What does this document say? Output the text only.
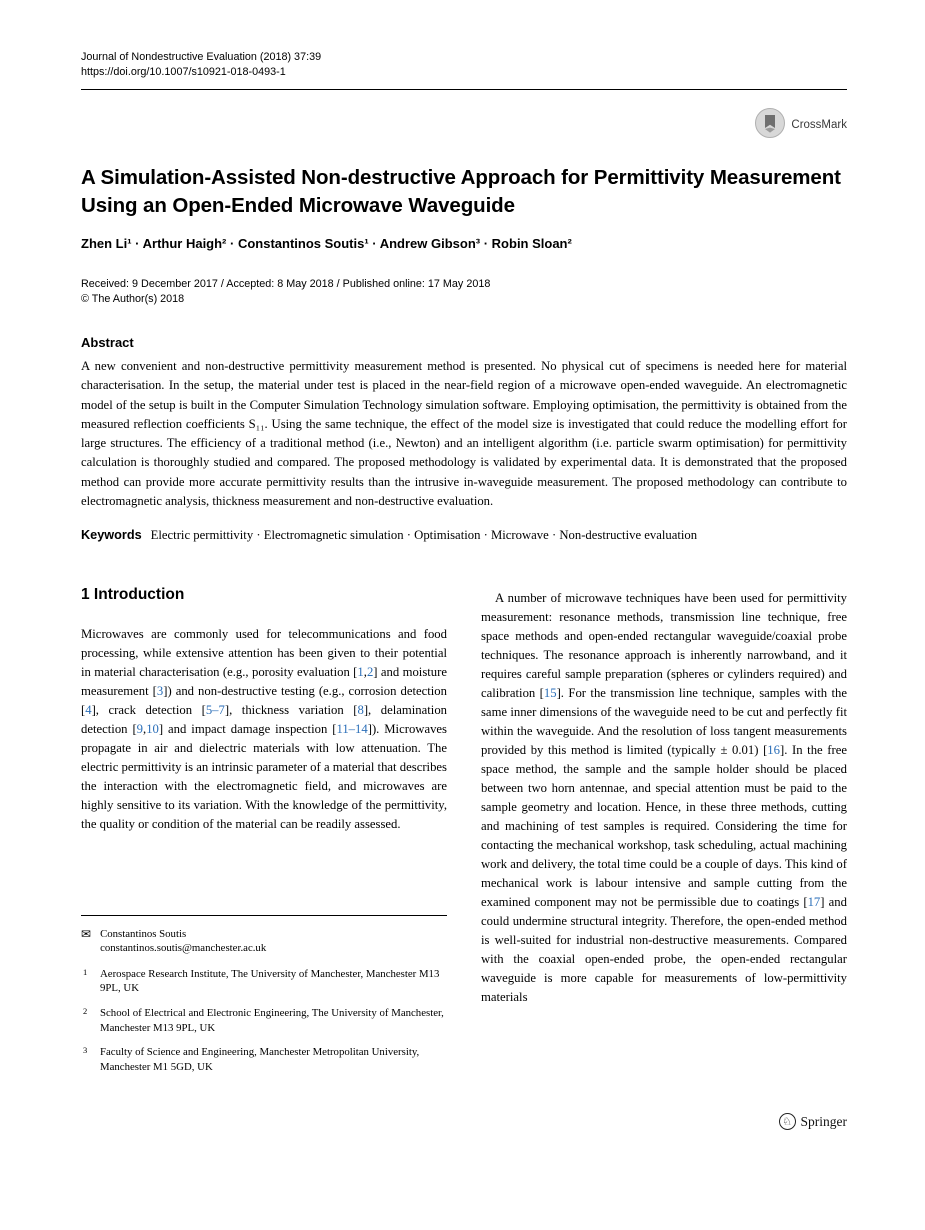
Journal of Nondestructive Evaluation (2018) 37:39
https://doi.org/10.1007/s10921-018-0493-1
CrossMark
A Simulation-Assisted Non-destructive Approach for Permittivity Measurement Using an Open-Ended Microwave Waveguide
Zhen Li¹ · Arthur Haigh² · Constantinos Soutis¹ · Andrew Gibson³ · Robin Sloan²
Received: 9 December 2017 / Accepted: 8 May 2018 / Published online: 17 May 2018
© The Author(s) 2018
Abstract

A new convenient and non-destructive permittivity measurement method is presented. No physical cut of specimens is needed here for material characterisation. In the setup, the material under test is placed in the near-field region of a microwave open-ended waveguide. An electromagnetic model of the setup is built in the Computer Simulation Technology simulation software. Employing optimisation, the permittivity is obtained from the measured reflection coefficients S₁₁. Using the same technique, the effect of the model size is investigated that could reduce the modelling effort for large structures. The efficiency of a traditional method (i.e., Newton) and an intelligent algorithm (i.e. particle swarm optimisation) for permittivity calculation is thoroughly studied and compared. The proposed methodology is validated by experimental data. It is demonstrated that the proposed method can provide more accurate permittivity results than the intrusive in-waveguide measurement. The proposed methodology can contribute to electromagnetic analysis, thickness measurement and non-destructive evaluation.

Keywords Electric permittivity · Electromagnetic simulation · Optimisation · Microwave · Non-destructive evaluation
1 Introduction

Microwaves are commonly used for telecommunications and food processing, while extensive attention has been given to their potential in material characterisation (e.g., porosity evaluation [1,2] and moisture measurement [3]) and non-destructive testing (e.g., corrosion detection [4], crack detection [5–7], thickness variation [8], delamination detection [9,10] and impact damage inspection [11–14]). Microwaves propagate in air and dielectric materials with low attenuation. The electric permittivity is an intrinsic parameter of a material that describes the interaction with the electromagnetic field, and microwaves are highly sensitive to its variation. With the knowledge of the permittivity, the quality or condition of the material can be readily assessed.

✉ Constantinos Soutis
constantinos.soutis@manchester.ac.uk
1	Aerospace Research Institute, The University of Manchester, Manchester M13 9PL, UK
2	School of Electrical and Electronic Engineering, The University of Manchester, Manchester M13 9PL, UK
3	Faculty of Science and Engineering, Manchester Metropolitan University, Manchester M1 5GD, UK

A number of microwave techniques have been used for permittivity measurement: resonance methods, transmission line technique, free space methods and open-ended rectangular waveguide/coaxial probe techniques. The resonance approach is inherently narrowband, and it requires careful sample preparation (spheres or cylinders required) and calibration [15]. For the transmission line technique, samples with the same inner dimensions of the waveguide need to be cut and perfectly fit within the waveguide. And the resolution of loss tangent measurements provided by this method is limited (typically ± 0.01) [16]. In the free space method, the sample and the sample holder should be placed between two horn antennae, and special attention must be paid to the sample geometry and location. Hence, in these three methods, cutting and machining of test samples is required. Considering the time for contacting the mechanical workshop, task scheduling, actual machining work and delivery, the total time could be a couple of days. This kind of mechanical work is labour intensive and sample cutting from the examined component may not be permissible due to coatings [17] and could undermine structural integrity. Therefore, the open-ended method is well-suited for industrial non-destructive measurements. Compared with the coaxial open-ended probe, the open-ended rectangular waveguide is more capable for measurements of low-permittivity materials

♘ Springer
